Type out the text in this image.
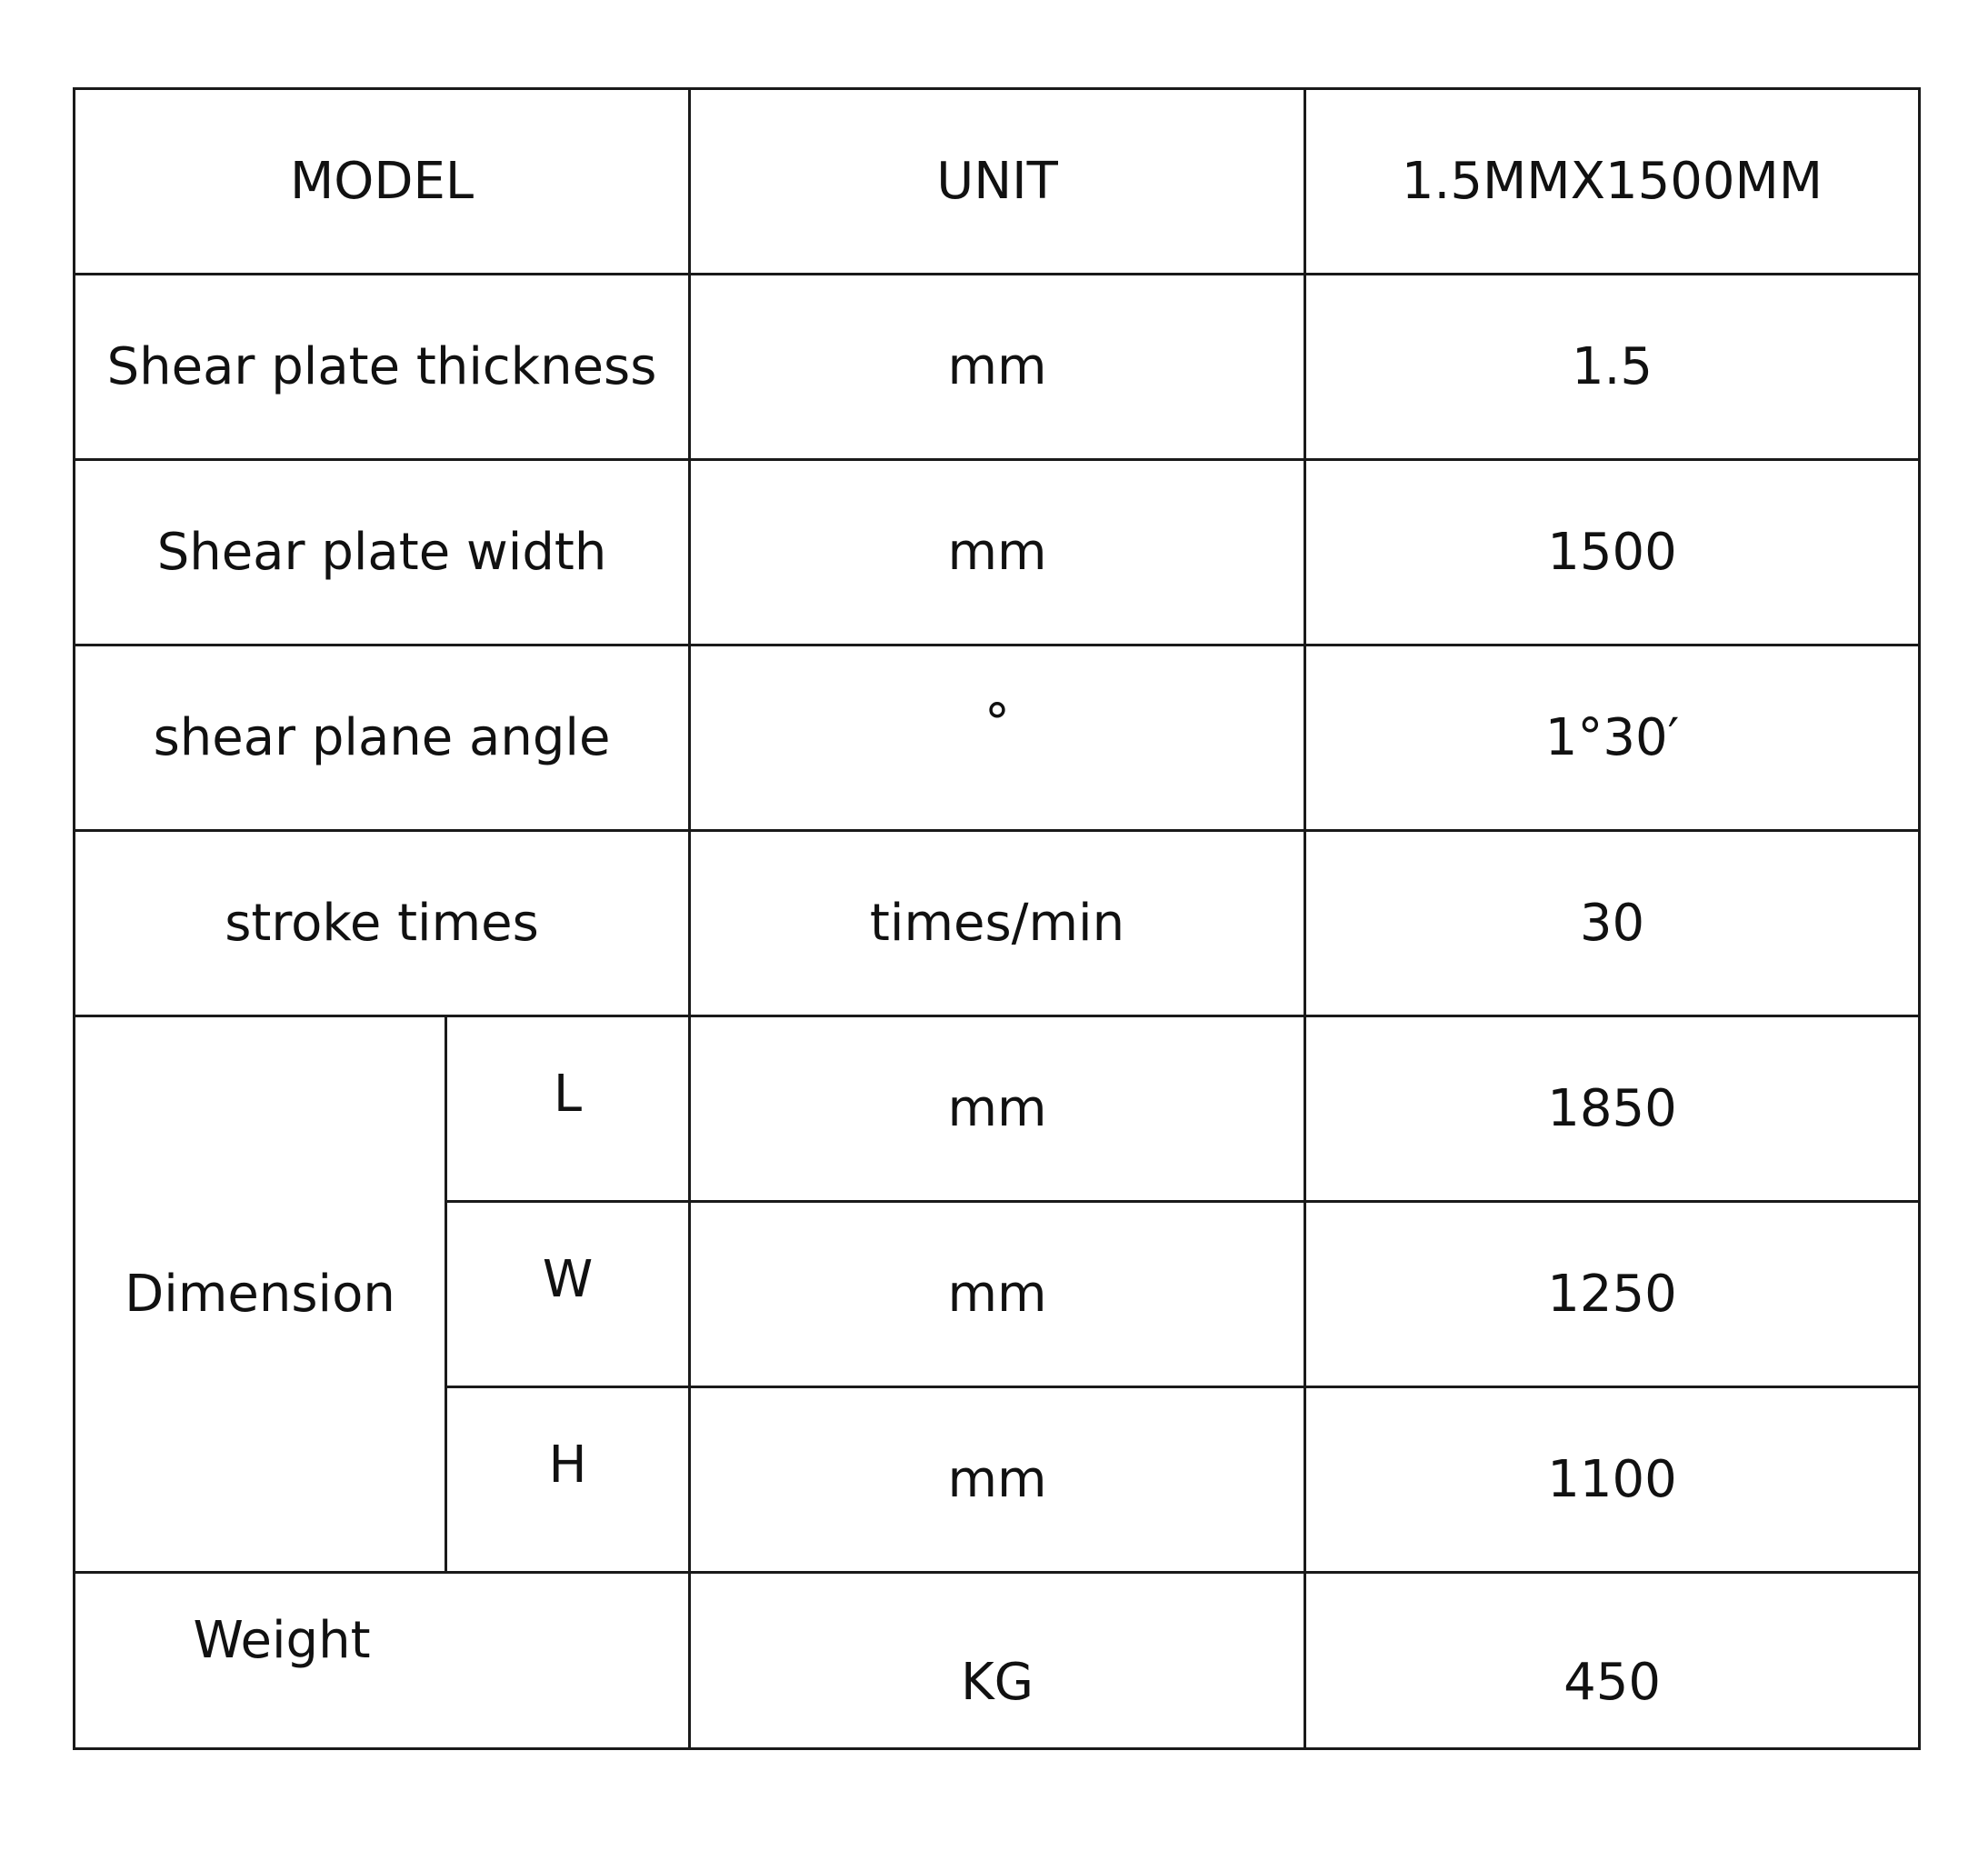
MODEL		UNIT	1.5MMX1500MM
Shear plate thickness		mm	1.5
Shear plate width		mm	1500
shear plane angle		°	1°30′
stroke times		times/min	30
Dimension	L	mm	1850
	W	mm	1250
	H	mm	1100
Weight		KG	450
